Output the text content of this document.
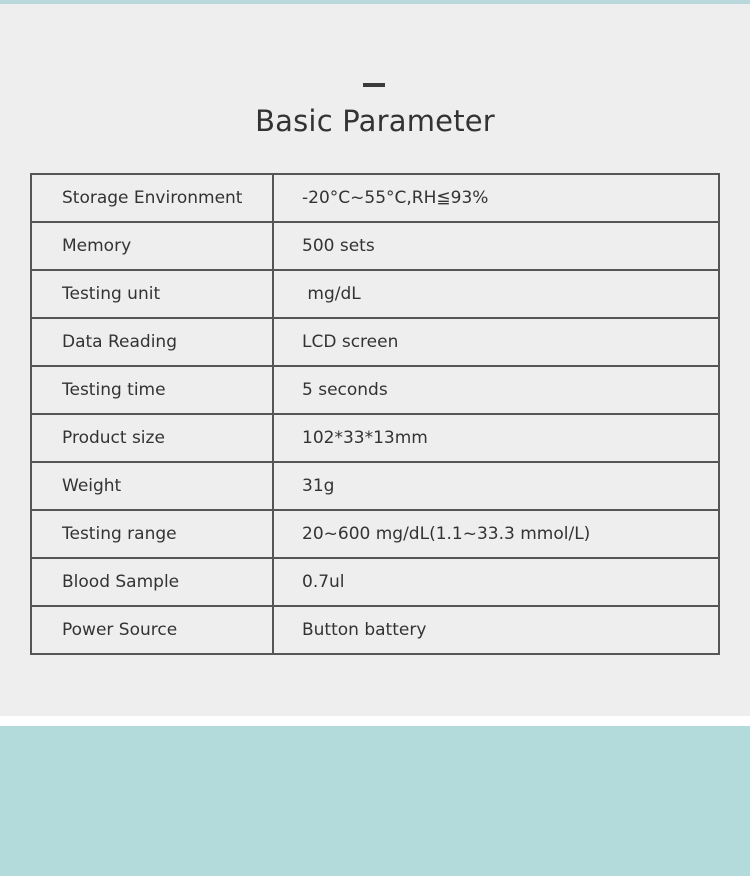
Basic Parameter
Storage Environment	-20°C~55°C,RH≦93%
Memory	500 sets
Testing unit	mg/dL
Data Reading	LCD screen
Testing time	5 seconds
Product size	102*33*13mm
Weight	31g
Testing range	20~600 mg/dL(1.1~33.3 mmol/L)
Blood Sample	0.7ul
Power Source	Button battery
